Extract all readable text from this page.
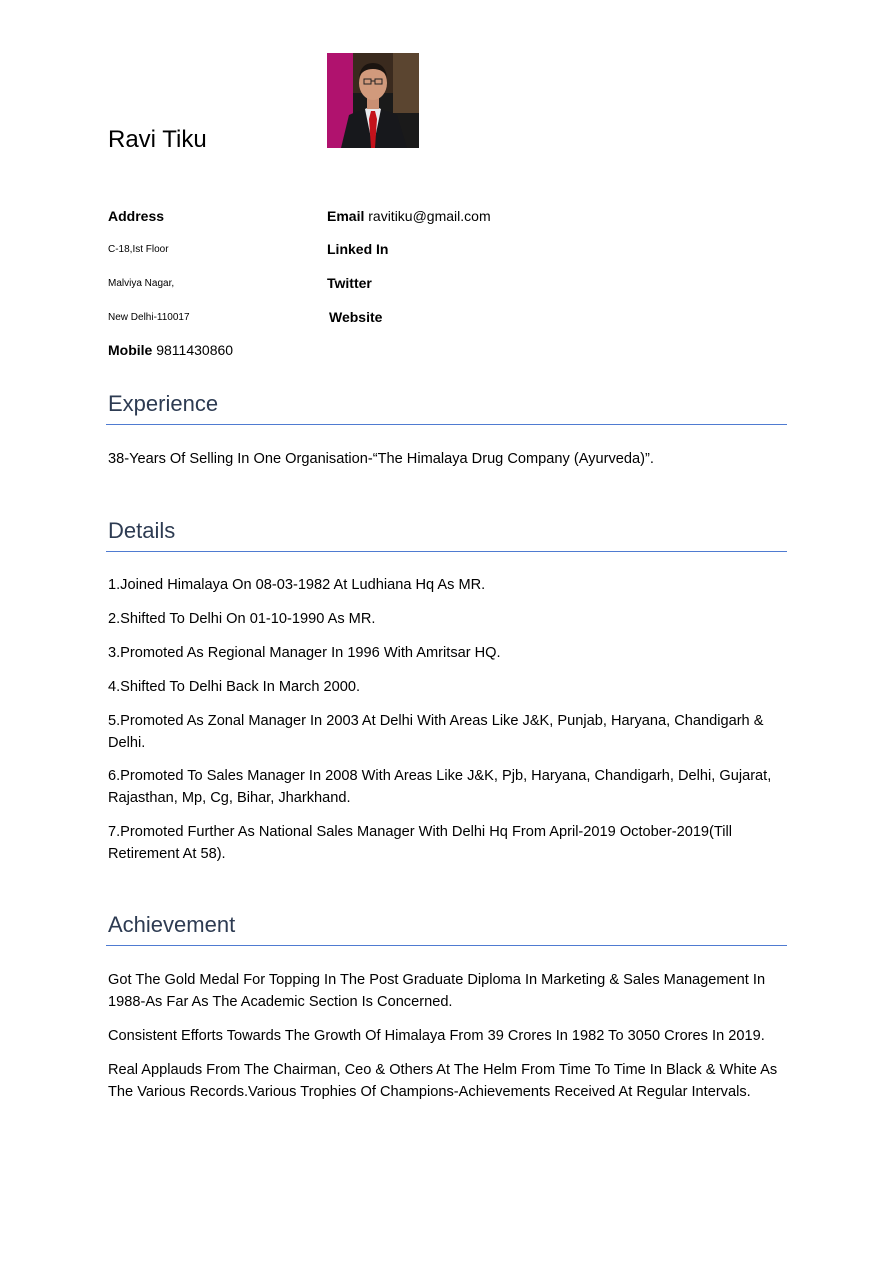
Ravi Tiku
Address
C-18,Ist Floor
Malviya Nagar,
New Delhi-110017
Mobile 9811430860
Email ravitiku@gmail.com
Linked In
Twitter
Website
Experience
38-Years Of Selling In One Organisation-“The Himalaya Drug Company (Ayurveda)”.
Details
1.Joined Himalaya On 08-03-1982 At Ludhiana Hq As MR.
2.Shifted To Delhi On 01-10-1990 As MR.
3.Promoted As Regional Manager In 1996 With Amritsar HQ.
4.Shifted To Delhi Back In March 2000.
5.Promoted As Zonal Manager In 2003 At Delhi With Areas Like J&K, Punjab, Haryana, Chandigarh & Delhi.
6.Promoted To Sales Manager In 2008 With Areas Like J&K, Pjb, Haryana, Chandigarh, Delhi, Gujarat, Rajasthan, Mp, Cg, Bihar, Jharkhand.
7.Promoted Further As National Sales Manager With Delhi Hq From April-2019 October-2019(Till Retirement At 58).
Achievement
Got The Gold Medal For Topping In The Post Graduate Diploma In Marketing & Sales Management In 1988-As Far As The Academic Section Is Concerned.
Consistent Efforts Towards The Growth Of Himalaya From 39 Crores In 1982 To 3050 Crores In 2019.
Real Applauds From The Chairman, Ceo & Others At The Helm From Time To Time In Black & White As The Various Records.Various Trophies Of Champions-Achievements Received At Regular Intervals.
